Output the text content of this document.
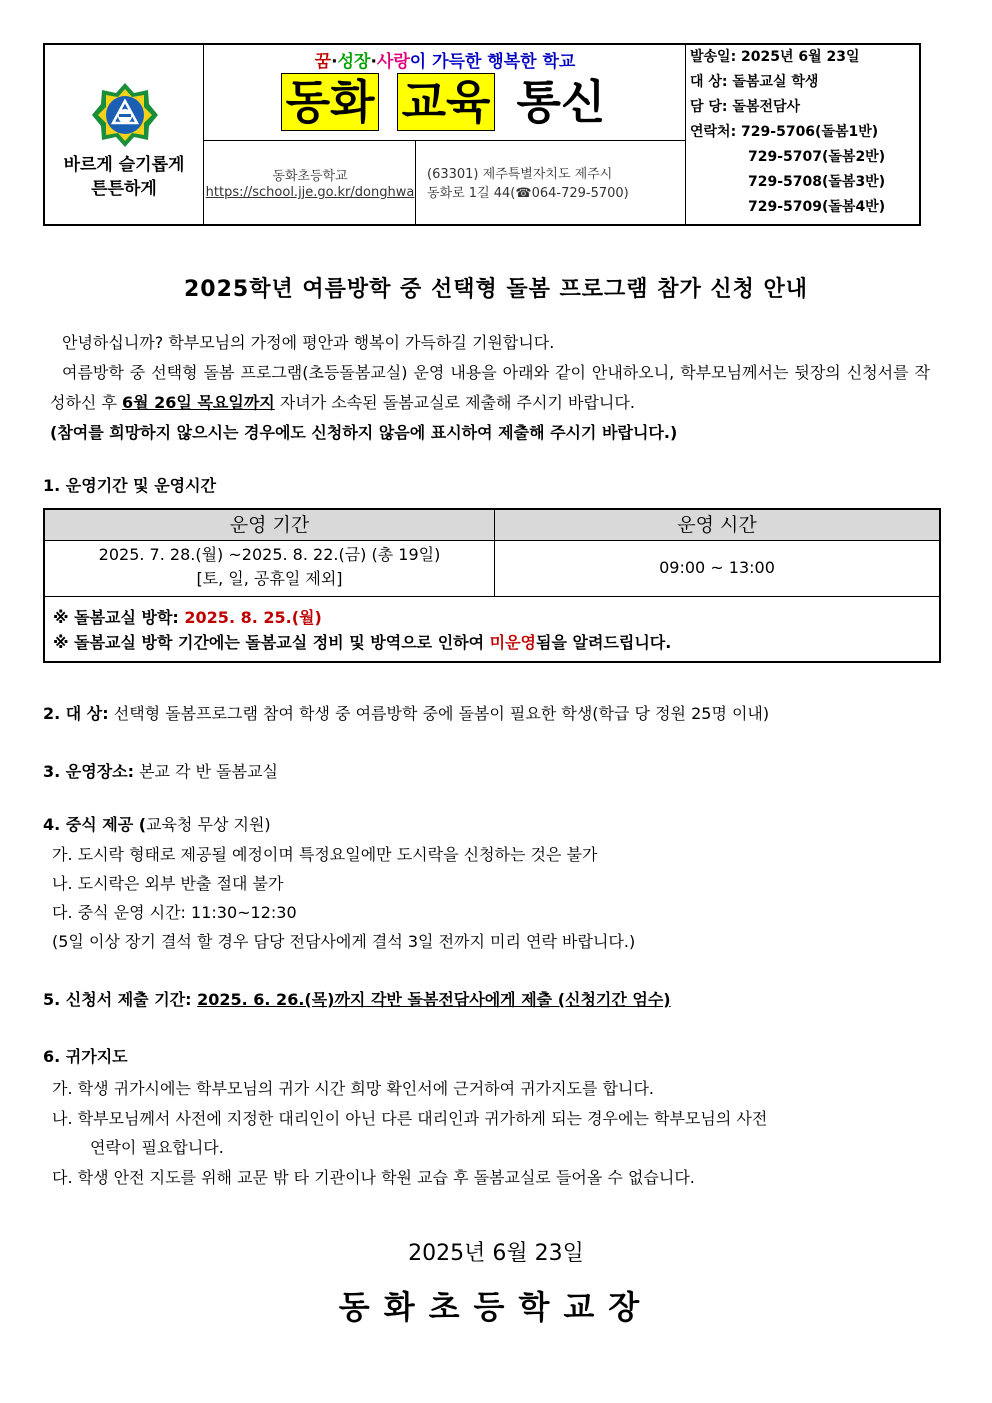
바르게 슬기롭게
튼튼하게
꿈·성장·사랑이 가득한 행복한 학교
동화 교육 통신
동화초등학교
https://school.jje.go.kr/donghwa
(63301) 제주특별자치도 제주시
동화로 1길 44(☎064-729-5700)
발송일: 2025년 6월 23일
대 상: 돌봄교실 학생
담 당: 돌봄전담사
연락처: 729-5706(돌봄1반)
729-5707(돌봄2반)
729-5708(돌봄3반)
729-5709(돌봄4반)
2025학년 여름방학 중 선택형 돌봄 프로그램 참가 신청 안내
안녕하십니까? 학부모님의 가정에 평안과 행복이 가득하길 기원합니다.
여름방학 중 선택형 돌봄 프로그램(초등돌봄교실) 운영 내용을 아래와 같이 안내하오니, 학부모님께서는 뒷장의 신청서를 작성하신 후 6월 26일 목요일까지 자녀가 소속된 돌봄교실로 제출해 주시기 바랍니다.
(참여를 희망하지 않으시는 경우에도 신청하지 않음에 표시하여 제출해 주시기 바랍니다.)
1. 운영기간 및 운영시간
운영 기간	운영 시간
2025. 7. 28.(월) ~2025. 8. 22.(금) (총 19일)
[토, 일, 공휴일 제외]
09:00 ~ 13:00
※ 돌봄교실 방학: 2025. 8. 25.(월)
※ 돌봄교실 방학 기간에는 돌봄교실 정비 및 방역으로 인하여 미운영됨을 알려드립니다.
2. 대 상: 선택형 돌봄프로그램 참여 학생 중 여름방학 중에 돌봄이 필요한 학생(학급 당 정원 25명 이내)
3. 운영장소: 본교 각 반 돌봄교실
4. 중식 제공 (교육청 무상 지원)
가. 도시락 형태로 제공될 예정이며 특정요일에만 도시락을 신청하는 것은 불가
나. 도시락은 외부 반출 절대 불가
다. 중식 운영 시간: 11:30~12:30
(5일 이상 장기 결석 할 경우 담당 전담사에게 결석 3일 전까지 미리 연락 바랍니다.)
5. 신청서 제출 기간: 2025. 6. 26.(목)까지 각반 돌봄전담사에게 제출 (신청기간 엄수)
6. 귀가지도
가. 학생 귀가시에는 학부모님의 귀가 시간 희망 확인서에 근거하여 귀가지도를 합니다.
나. 학부모님께서 사전에 지정한 대리인이 아닌 다른 대리인과 귀가하게 되는 경우에는 학부모님의 사전
연락이 필요합니다.
다. 학생 안전 지도를 위해 교문 밖 타 기관이나 학원 교습 후 돌봄교실로 들어올 수 없습니다.
2025년 6월 23일
동화초등학교장
